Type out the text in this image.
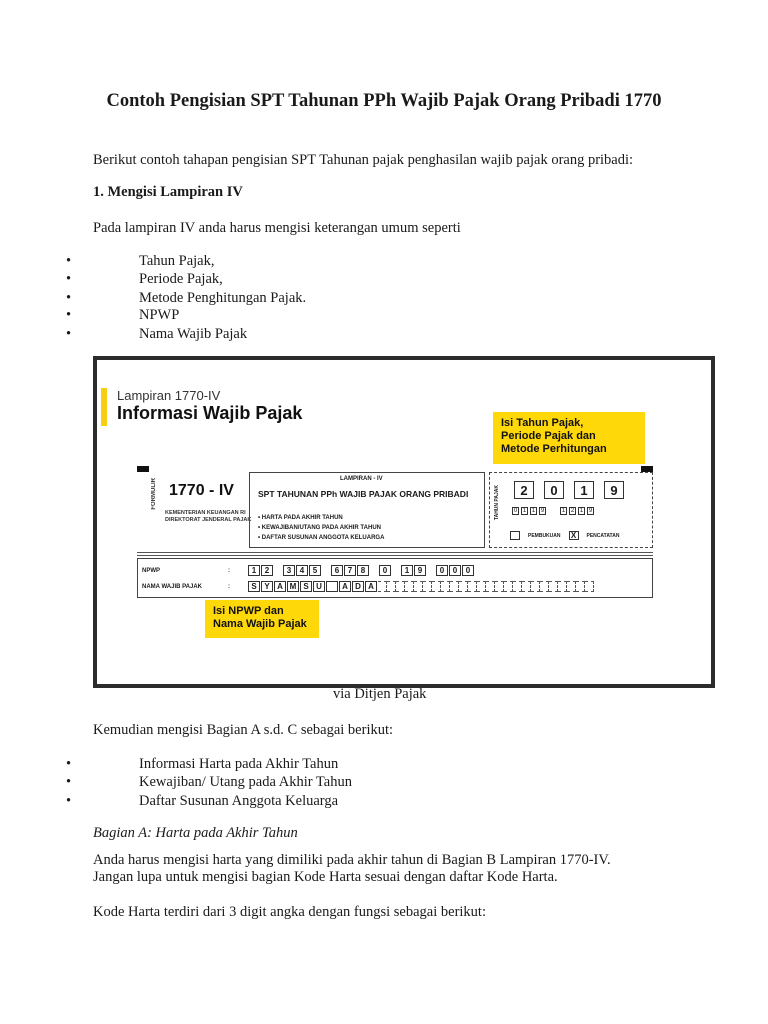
Contoh Pengisian SPT Tahunan PPh Wajib Pajak Orang Pribadi 1770
Berikut contoh tahapan pengisian SPT Tahunan pajak penghasilan wajib pajak orang pribadi:
1. Mengisi Lampiran IV
Pada lampiran IV anda harus mengisi keterangan umum seperti
•	Tahun Pajak,
•	Periode Pajak,
•	Metode Penghitungan Pajak.
•	NPWP
•	Nama Wajib Pajak
Lampiran 1770-IV
Informasi Wajib Pajak	Isi Tahun Pajak,
Periode Pajak dan
Metode Perhitungan
FORMULIR 1770 - IV
KEMENTERIAN KEUANGAN RI
DIREKTORAT JENDERAL PAJAK
LAMPIRAN - IV
SPT TAHUNAN PPh WAJIB PAJAK ORANG PRIBADI
• HARTA PADA AKHIR TAHUN
• KEWAJIBAN/UTANG PADA AKHIR TAHUN
• DAFTAR SUSUNAN ANGGOTA KELUARGA
TAHUN PAJAK	2	0	1	9
0 1 1 9	1 2 1 9
PEMBUKUAN X	PENCATATAN
NPWP	:	1	2	3	4	5	6	7	8	0	1	9	0	0	0
NAMA WAJIB PAJAK	:	S Y A M S U	A D A
Isi NPWP dan
Nama Wajib Pajak
via Ditjen Pajak
Kemudian mengisi Bagian A s.d. C sebagai berikut:
•	Informasi Harta pada Akhir Tahun
•	Kewajiban/ Utang pada Akhir Tahun
•	Daftar Susunan Anggota Keluarga
Bagian A: Harta pada Akhir Tahun
Anda harus mengisi harta yang dimiliki pada akhir tahun di Bagian B Lampiran 1770-IV.
Jangan lupa untuk mengisi bagian Kode Harta sesuai dengan daftar Kode Harta.
Kode Harta terdiri dari 3 digit angka dengan fungsi sebagai berikut:
